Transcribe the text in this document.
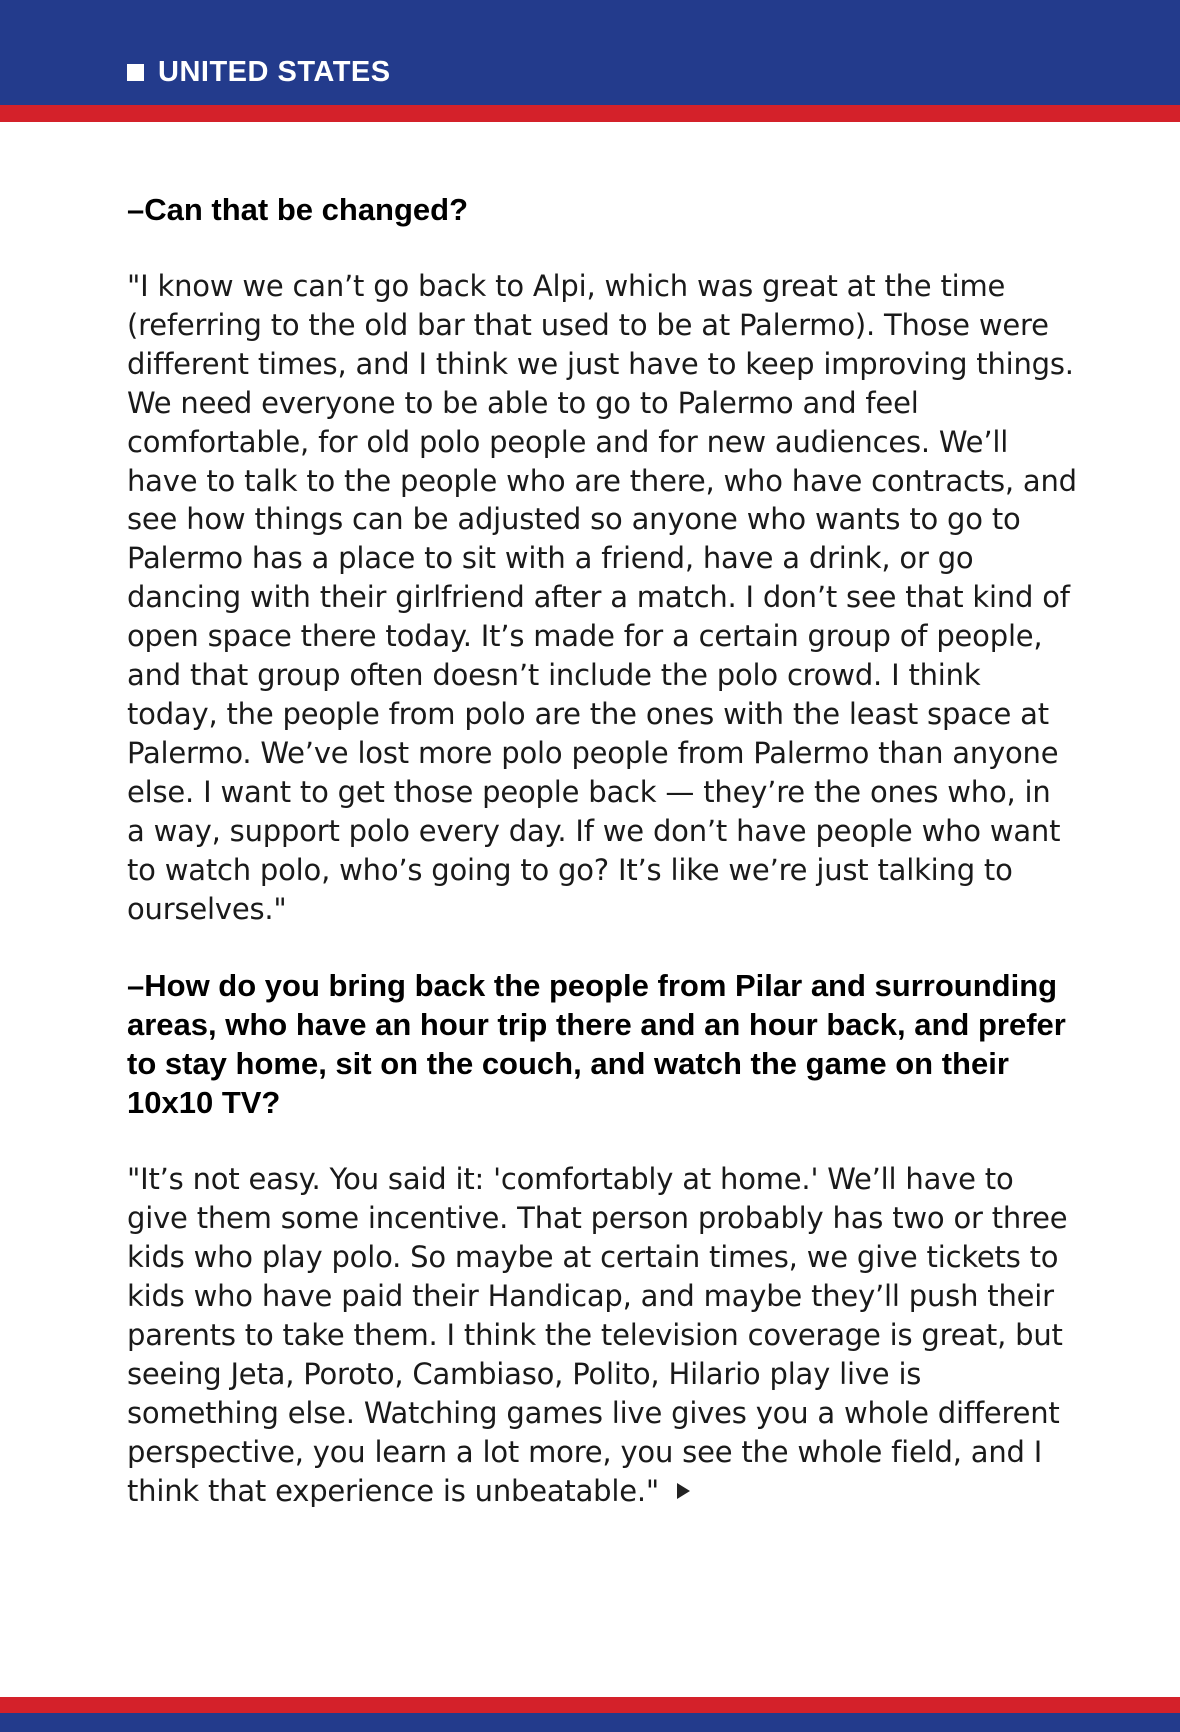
UNITED STATES

–Can that be changed?

"I know we can’t go back to Alpi, which was great at the time (referring to the old bar that used to be at Palermo). Those were different times, and I think we just have to keep improving things. We need everyone to be able to go to Palermo and feel comfortable, for old polo people and for new audiences. We’ll have to talk to the people who are there, who have contracts, and see how things can be adjusted so anyone who wants to go to Palermo has a place to sit with a friend, have a drink, or go dancing with their girlfriend after a match. I don’t see that kind of open space there today. It’s made for a certain group of people, and that group often doesn’t include the polo crowd. I think today, the people from polo are the ones with the least space at Palermo. We’ve lost more polo people from Palermo than anyone else. I want to get those people back — they’re the ones who, in a way, support polo every day. If we don’t have people who want to watch polo, who’s going to go? It’s like we’re just talking to ourselves."

–How do you bring back the people from Pilar and surrounding areas, who have an hour trip there and an hour back, and prefer to stay home, sit on the couch, and watch the game on their 10x10 TV?

"It’s not easy. You said it: 'comfortably at home.' We’ll have to give them some incentive. That person probably has two or three kids who play polo. So maybe at certain times, we give tickets to kids who have paid their Handicap, and maybe they’ll push their parents to take them. I think the television coverage is great, but seeing Jeta, Poroto, Cambiaso, Polito, Hilario play live is something else. Watching games live gives you a whole different perspective, you learn a lot more, you see the whole field, and I think that experience is unbeatable."
